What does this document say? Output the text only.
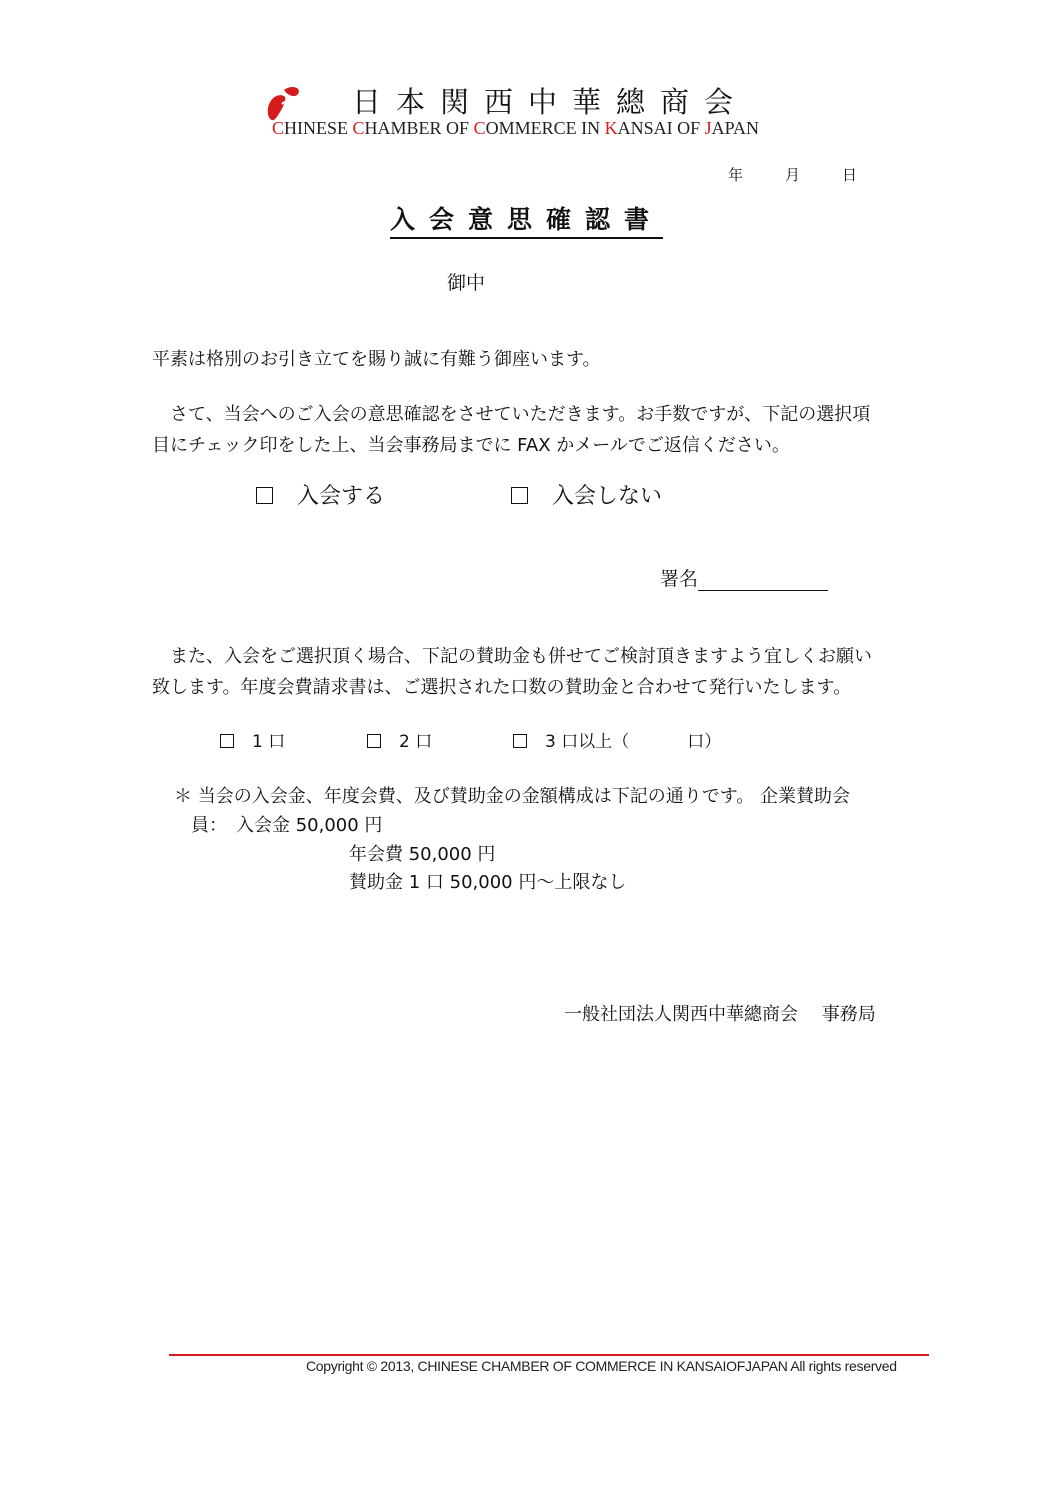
日本関西中華總商会
CHINESE CHAMBER OF COMMERCE IN KANSAI OF JAPAN
年	月	日
入会意思確認書
御中
平素は格別のお引き立てを賜り誠に有難う御座います。
　さて、当会へのご入会の意思確認をさせていただきます。お手数ですが、下記の選択項
目にチェック印をした上、当会事務局までに FAX かメールでご返信ください。
入会する	入会しない
署名
　また、入会をご選択頂く場合、下記の賛助金も併せてご検討頂きますよう宜しくお願い
致します。年度会費請求書は、ご選択された口数の賛助金と合わせて発行いたします。
1 口	2 口	3 口以上（	口）
＊ 当会の入会金、年度会費、及び賛助金の金額構成は下記の通りです。 企業賛助会
員：　入会金 50,000 円
年会費 50,000 円
賛助金 1 口 50,000 円～上限なし
一般社団法人関西中華總商会　 事務局
Copyright © 2013, CHINESE CHAMBER OF COMMERCE IN KANSAIOFJAPAN All rights reserved
